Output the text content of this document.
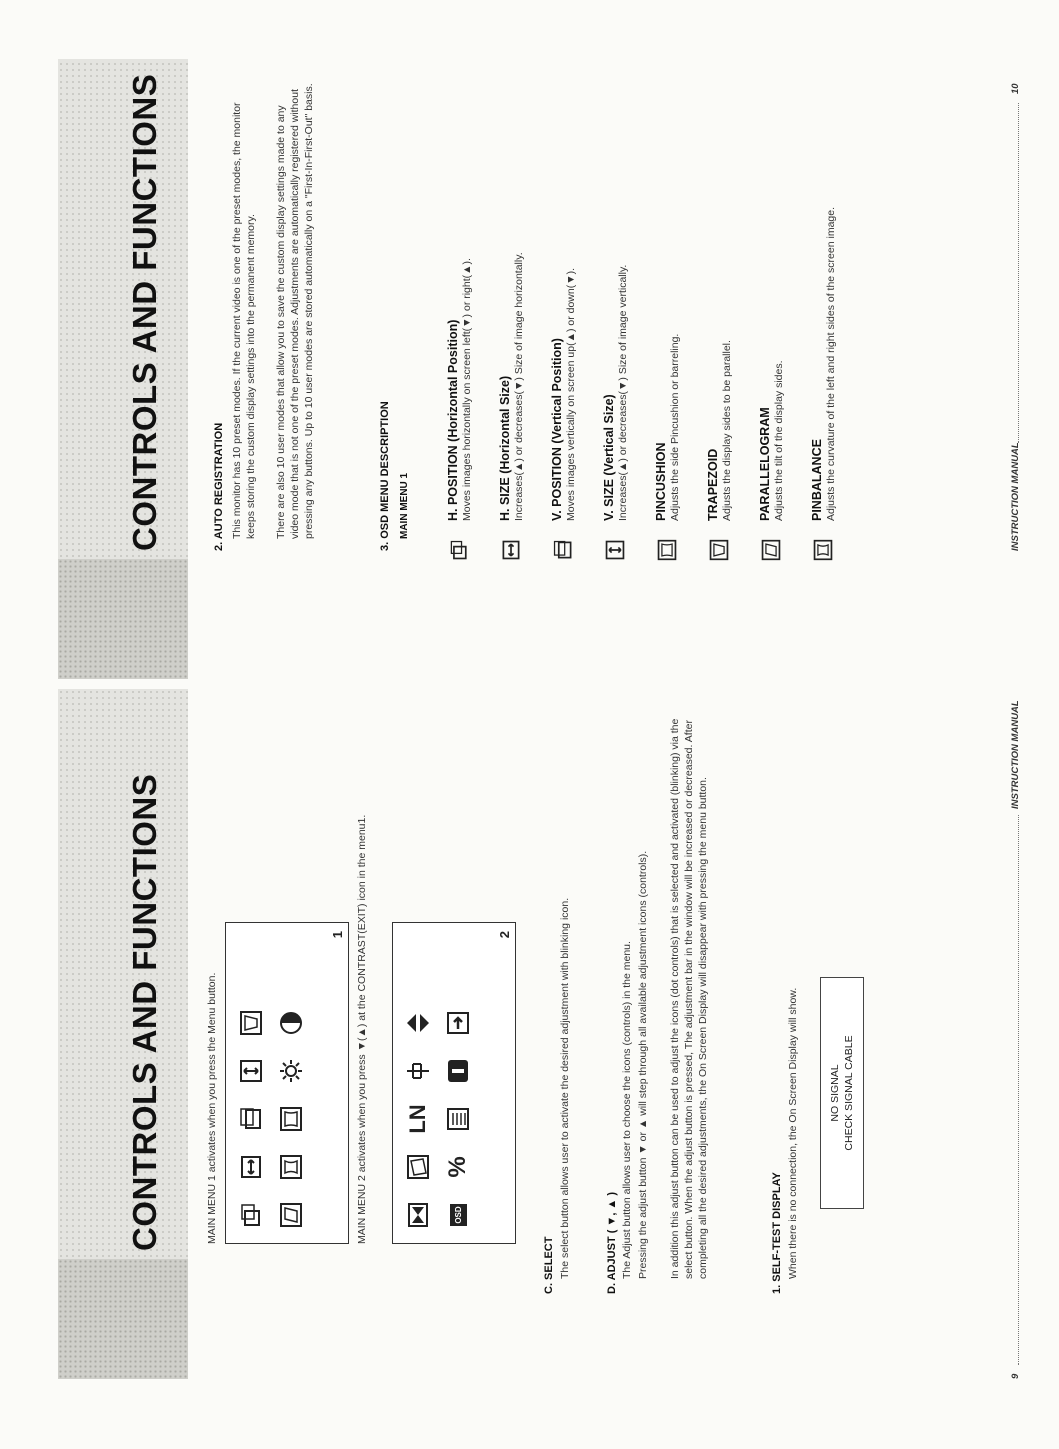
CONTROLS AND FUNCTIONS	MAIN MENU 1 activates when you press the Menu button.
1 MAIN MENU 2 activates when you press ▼(▲) at the CONTRAST(EXIT) icon in the menu1. LN
OSD
%
2
C. SELECT The select button allows user to activate the desired adjustment with blinking icon.	D. ADJUST ( ▼, ▲ ) The Adjust button allows user to choose the icons (controls) in the menu. Pressing the adjust button ▼ or ▲ will step through all available adjustment icons (controls). In addition this adjust button can be used to adjust the icons (dot controls) that is selected and activated (blinking) via the select button. When the adjust button is pressed, The adjustment bar in the window will be increased or decreased. After completing all the desired adjustments, the On Screen Display will disappear with pressing the menu button.	1. SELF-TEST DISPLAY When there is no connection, the On Screen Display will show.	NO SIGNAL CHECK SIGNAL CABLE
9
INSTRUCTION MANUAL
CONTROLS AND FUNCTIONS	2. AUTO REGISTRATION This monitor has 10 preset modes. If the current video is one of the preset modes, the monitor keeps storing the custom display settings into the permanent memory. There are also 10 user modes that allow you to save the custom display settings made to any video mode that is not one of the preset modes. Adjustments are automatically registered without pressing any buttons. Up to 10 user modes are stored automatically on a "First-In-First-Out" basis.	3. OSD MENU DESCRIPTION MAIN MENU 1	H. POSITION (Horizontal Position) Moves images horizontally on screen left(▼) or right(▲). H. SIZE (Horizontal Size) Increases(▲) or decreases(▼) Size of image horizontally. V. POSITION (Vertical Position) Moves images vertically on screen up(▲) or down(▼). V. SIZE (Vertical Size) Increases(▲) or decreases(▼) Size of image vertically. PINCUSHION Adjusts the side Pincushion or barreling. TRAPEZOID Adjusts the display sides to be parallel. PARALLELOGRAM Adjusts the tilt of the display sides. PINBALANCE Adjusts the curvature of the left and right sides of the screen image.	INSTRUCTION MANUAL
10
